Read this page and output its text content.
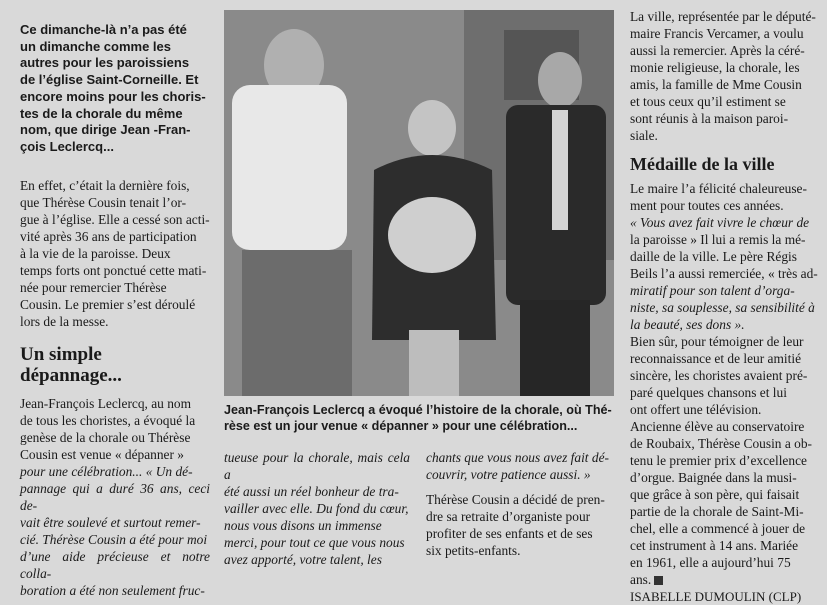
Ce dimanche-là n’a pas été
un dimanche comme les
autres pour les paroissiens
de l’église Saint-Corneille. Et
encore moins pour les choris-
tes de la chorale du même
nom, que dirige Jean -Fran-
çois Leclercq...

En effet, c’était la dernière fois,
que Thérèse Cousin tenait l’or-
gue à l’église. Elle a cessé son acti-
vité après 36 ans de participation
à la vie de la paroisse. Deux
temps forts ont ponctué cette mati-
née pour remercier Thérèse
Cousin. Le premier s’est déroulé
lors de la messe.

Un simple
dépannage...

Jean-François Leclercq, au nom
de tous les choristes, a évoqué la
genèse de la chorale ou Thérèse
Cousin est venue « dépanner »
pour une célébration... « Un dé-
pannage qui a duré 36 ans, ceci de-
vait être soulevé et surtout remer-
cié. Thérèse Cousin a été pour moi
d’une aide précieuse et notre colla-
boration a été non seulement fruc-

Jean-François Leclercq a évoqué l’histoire de la chorale, où Thé-
rèse est un jour venue « dépanner » pour une célébration...

tueuse pour la chorale, mais cela a
été aussi un réel bonheur de tra-
vailler avec elle. Du fond du cœur,
nous vous disons un immense
merci, pour tout ce que vous nous
avez apporté, votre talent, les

chants que vous nous avez fait dé-
couvrir, votre patience aussi. »

Thérèse Cousin a décidé de pren-
dre sa retraite d’organiste pour
profiter de ses enfants et de ses
six petits-enfants.

La ville, représentée par le député-
maire Francis Vercamer, a voulu
aussi la remercier. Après la céré-
monie religieuse, la chorale, les
amis, la famille de Mme Cousin
et tous ceux qu’il estiment se
sont réunis à la maison paroi-
siale.

Médaille de la ville

Le maire l’a félicité chaleureuse-
ment pour toutes ces années.
« Vous avez fait vivre le chœur de
la paroisse » Il lui a remis la mé-
daille de la ville. Le père Régis
Beils l’a aussi remerciée, « très ad-
miratif pour son talent d’orga-
niste, sa souplesse, sa sensibilité à
la beauté, ses dons ».

Bien sûr, pour témoigner de leur
reconnaissance et de leur amitié
sincère, les choristes avaient pré-
paré quelques chansons et lui
ont offert une télévision.

Ancienne élève au conservatoire
de Roubaix, Thérèse Cousin a ob-
tenu le premier prix d’excellence
d’orgue. Baignée dans la musi-
que grâce à son père, qui faisait
partie de la chorale de Saint-Mi-
chel, elle a commencé à jouer de
cet instrument à 14 ans. Mariée
en 1961, elle a aujourd’hui 75
ans.

ISABELLE DUMOULIN (CLP)
